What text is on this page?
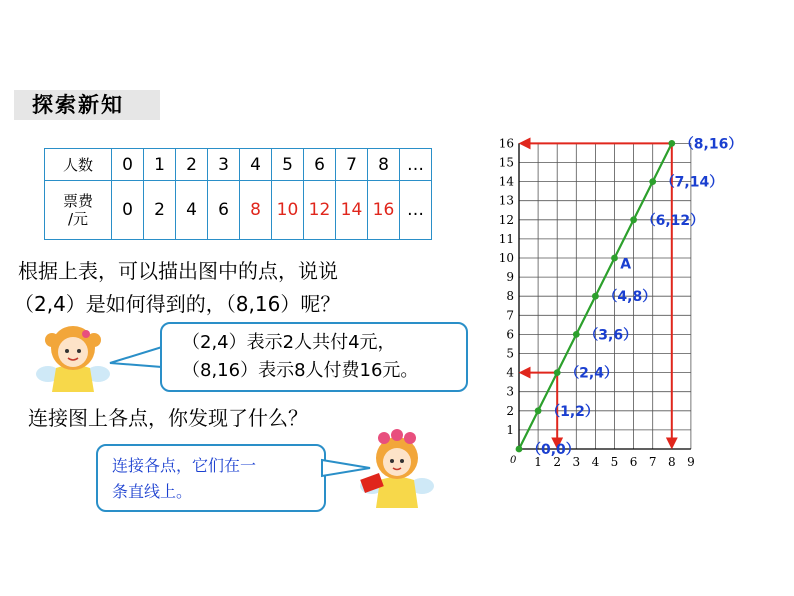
探索新知
人数	0	1	2	3	4	5	6	7	8	…

票费
/元	0	2	4	6	8	10	12	14	16	…
根据上表，可以描出图中的点，说说
（2,4）是如何得到的，（8,16）呢？
（2,4）表示2人共付4元，
（8,16）表示8人付费16元。
连接图上各点，你发现了什么？
连接各点，它们在一
条直线上。
1 2 3 4 5 6 7 8 9
0
1
2
3
4
5
6
7
8
9
10
11
12
13
14
15
16
（0,0）
（1,2）
（2,4）
（3,6）
（4,8）
（6,12）
（7,14）
（8,16）
A
